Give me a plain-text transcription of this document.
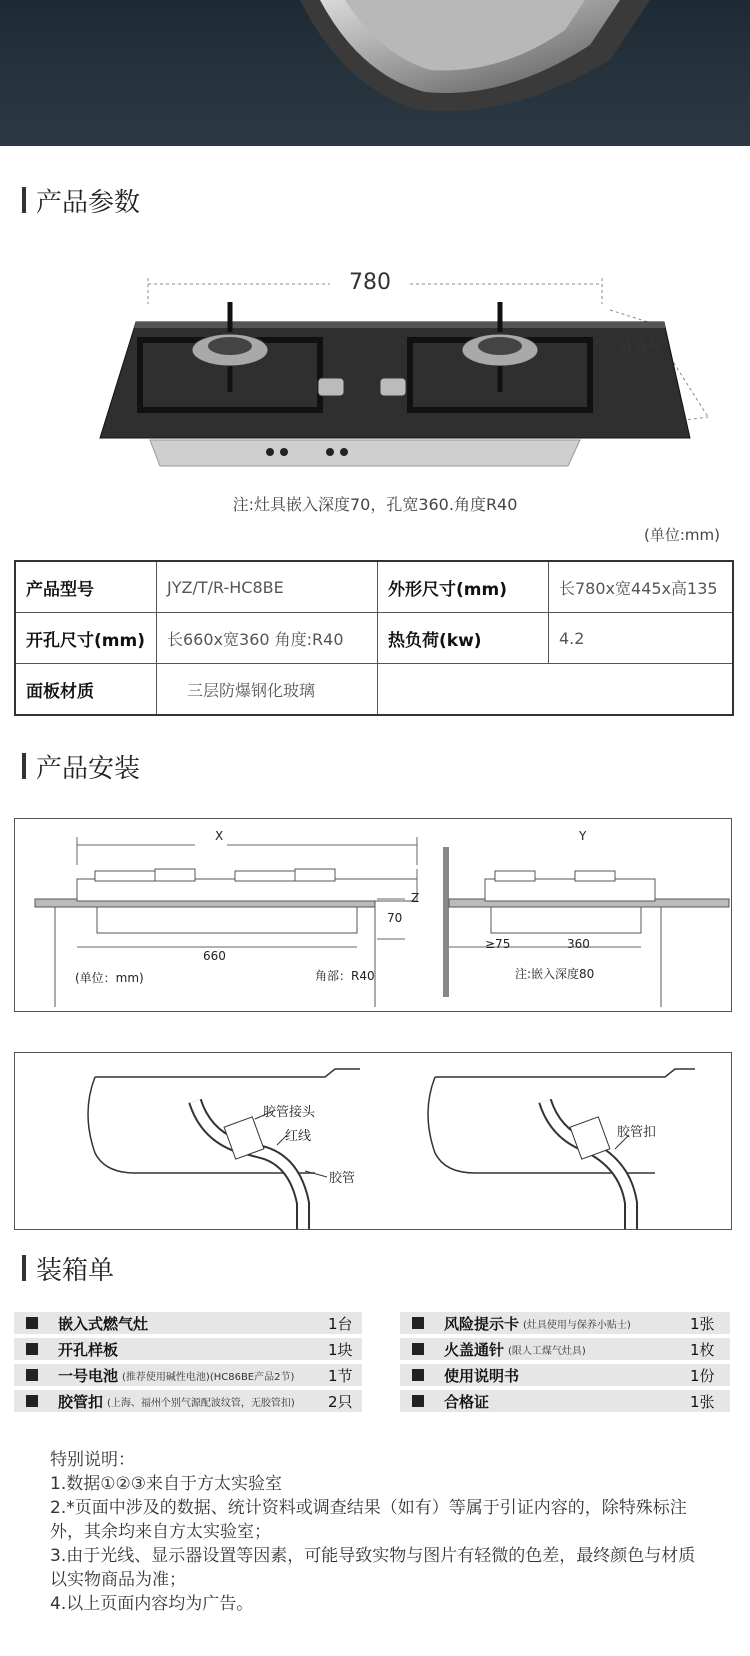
产品参数
780
445
注:灶具嵌入深度70，孔宽360.角度R40
(单位:mm)
产品型号	JYZ/T/R-HC8BE	外形尺寸(mm)	长780x宽445x高135
开孔尺寸(mm)	长660x宽360 角度:R40	热负荷(kw)	4.2
面板材质	三层防爆钢化玻璃		
产品安装
X	Y
Z
70
660
360
≥75
(单位：mm)	角部：R40	注:嵌入深度80
胶管接头
红线
胶管
胶管扣
装箱单
嵌入式燃气灶	1台
开孔样板	1块
一号电池 (推荐使用碱性电池)(HC86BE产品2节) 1节
胶管扣 (上海、福州个别气源配波纹管，无胶管扣) 2只
风险提示卡 (灶具使用与保养小贴士)	1张
火盖通针 (限人工煤气灶具)	1枚
使用说明书	1份
合格证	1张
特别说明：
1.数据①②③来自于方太实验室
2.*页面中涉及的数据、统计资料或调查结果（如有）等属于引证内容的，除特殊标注外，其余均来自方太实验室；
3.由于光线、显示器设置等因素，可能导致实物与图片有轻微的色差，最终颜色与材质以实物商品为准；
4.以上页面内容均为广告。
